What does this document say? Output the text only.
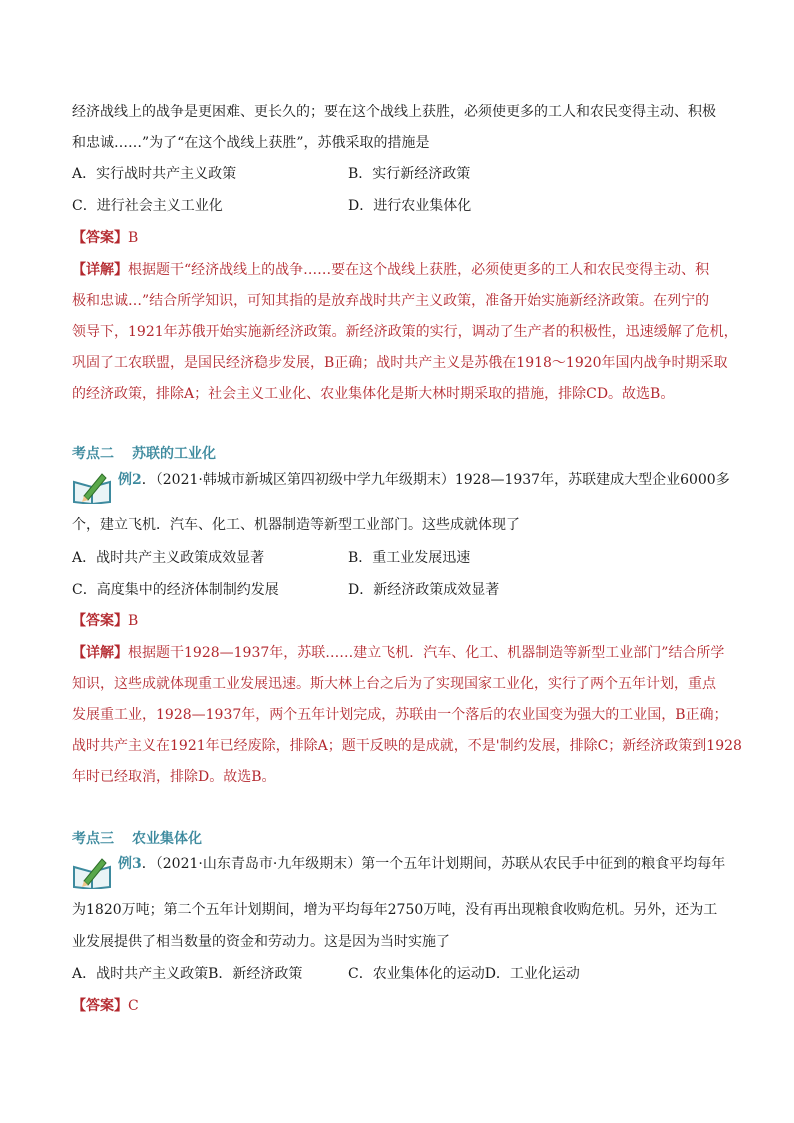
经济战线上的战争是更困难、更长久的；要在这个战线上获胜，必须使更多的工人和农民变得主动、积极
和忠诚……”为了“在这个战线上获胜”，苏俄采取的措施是
A．实行战时共产主义政策	B．实行新经济政策
C．进行社会主义工业化	D．进行农业集体化
【答案】B
【详解】根据题干“经济战线上的战争……要在这个战线上获胜，必须使更多的工人和农民变得主动、积
极和忠诚…”结合所学知识，可知其指的是放弃战时共产主义政策，准备开始实施新经济政策。在列宁的
领导下，1921年苏俄开始实施新经济政策。新经济政策的实行，调动了生产者的积极性，迅速缓解了危机，
巩固了工农联盟，是国民经济稳步发展，B正确；战时共产主义是苏俄在1918～1920年国内战争时期采取
的经济政策，排除A；社会主义工业化、农业集体化是斯大林时期采取的措施，排除CD。故选B。
考点二 苏联的工业化
例2．（2021·韩城市新城区第四初级中学九年级期末）1928—1937年，苏联建成大型企业6000多
个，建立飞机．汽车、化工、机器制造等新型工业部门。这些成就体现了
A．战时共产主义政策成效显著	B．重工业发展迅速
C．高度集中的经济体制制约发展	D．新经济政策成效显著
【答案】B
【详解】根据题干1928—1937年，苏联……建立飞机．汽车、化工、机器制造等新型工业部门”结合所学
知识，这些成就体现重工业发展迅速。斯大林上台之后为了实现国家工业化，实行了两个五年计划，重点
发展重工业，1928—1937年，两个五年计划完成，苏联由一个落后的农业国变为强大的工业国，B正确；
战时共产主义在1921年已经废除，排除A；题干反映的是成就，不是'制约发展，排除C；新经济政策到1928
年时已经取消，排除D。故选B。
考点三 农业集体化
例3．（2021·山东青岛市·九年级期末）第一个五年计划期间，苏联从农民手中征到的粮食平均每年
为1820万吨；第二个五年计划期间，增为平均每年2750万吨，没有再出现粮食收购危机。另外，还为工
业发展提供了相当数量的资金和劳动力。这是因为当时实施了
A．战时共产主义政策B．新经济政策	C．农业集体化的运动D．工业化运动
【答案】C
